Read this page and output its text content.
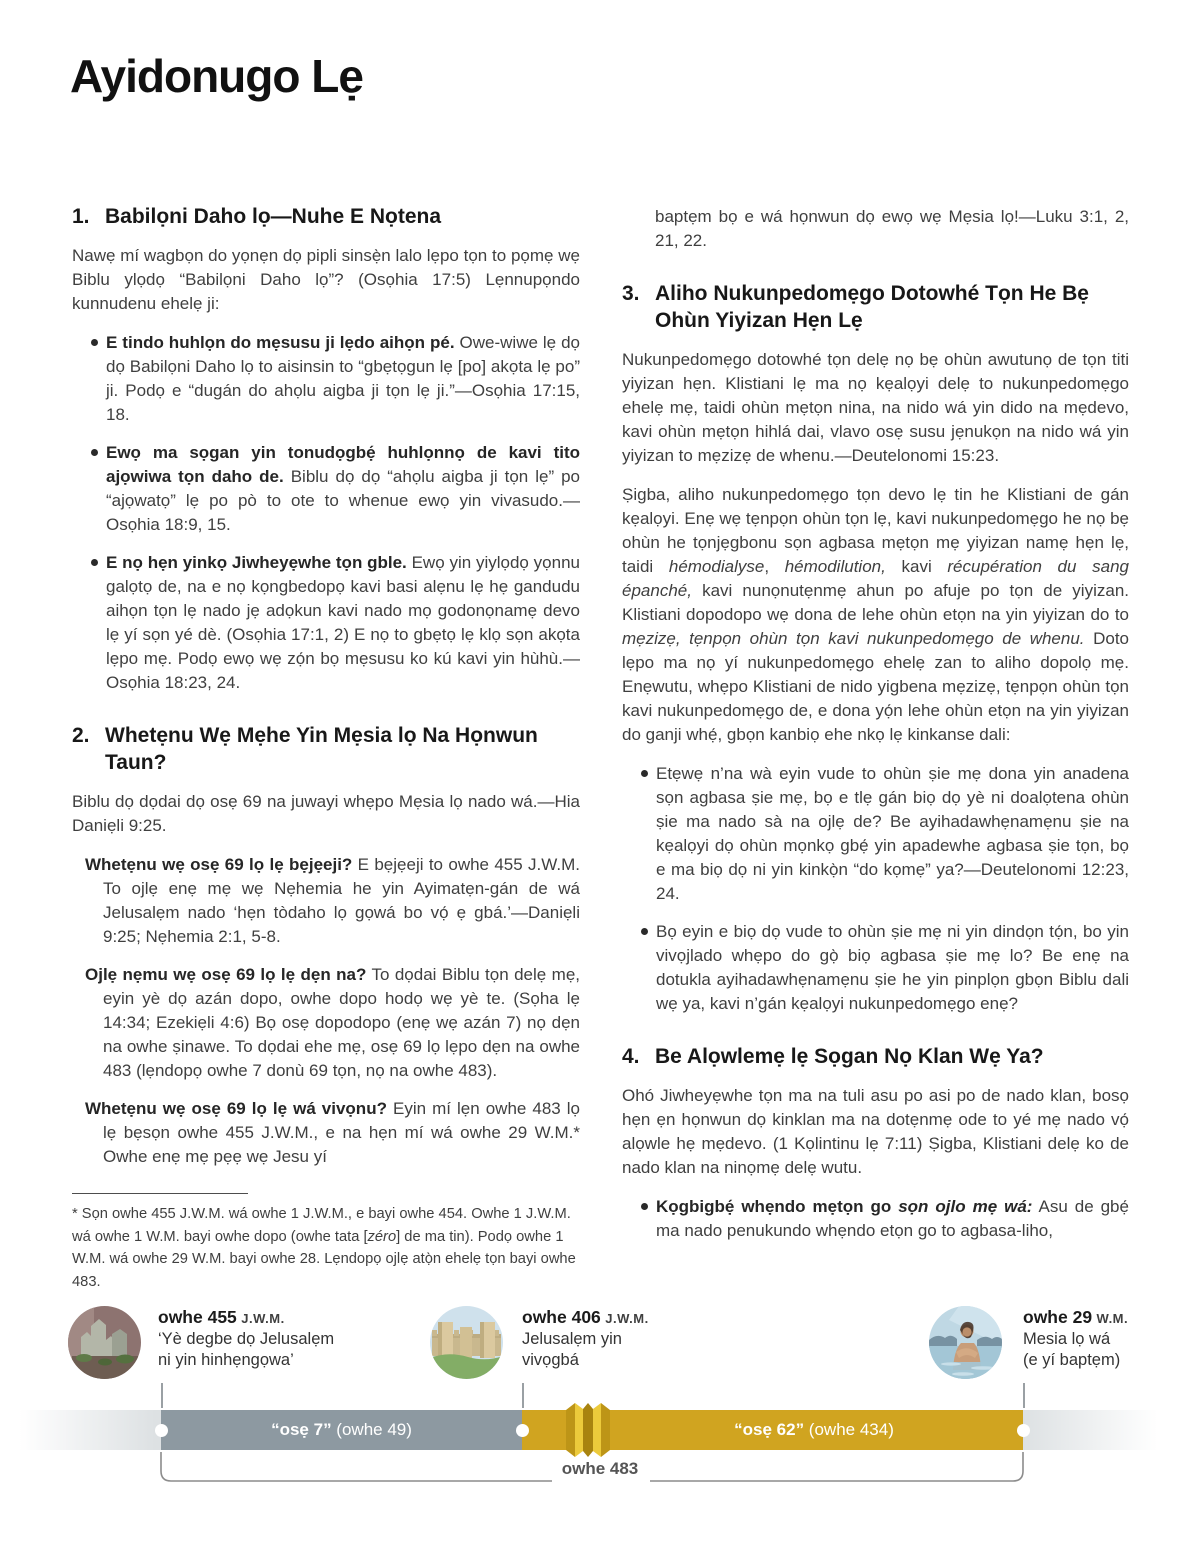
Ayidonugo Lẹ
1. Babilọni Daho lọ—Nuhe E Nọtena
Nawẹ mí wagbọn do yọnẹn dọ pipli sinsẹ̀n lalo lẹpo tọn to pọmẹ wẹ Biblu ylọdọ “Babilọni Daho lọ”? (Osọhia 17:5) Lẹnnupọndo kunnudenu ehelẹ ji:
E tindo huhlọn do mẹsusu ji lẹdo aihọn pé. Owe-wiwe lẹ dọ dọ Babilọni Daho lọ to aisinsin to “gbẹtọgun lẹ [po] akọta lẹ po” ji. Podọ e “dugán do ahọlu aigba ji tọn lẹ ji.”—Osọhia 17:15, 18.
Ewọ ma sọgan yin tonudọgbẹ́ huhlọnnọ de kavi tito ajọwiwa tọn daho de. Biblu dọ dọ “ahọlu aigba ji tọn lẹ” po “ajọwatọ” lẹ po pò to ote to whenue ewọ yin vivasudo.—Osọhia 18:9, 15.
E nọ hẹn yinkọ Jiwheyẹwhe tọn gble. Ewọ yin yiylọdọ yọnnu galọtọ de, na e nọ kọngbedopọ kavi basi alẹnu lẹ hẹ gandudu aihọn tọn lẹ nado jẹ adọkun kavi nado mọ godonọnamẹ devo lẹ yí sọn yé dè. (Osọhia 17:1, 2) E nọ to gbẹtọ lẹ klọ sọn akọta lẹpo mẹ. Podọ ewọ wẹ zọ́n bọ mẹsusu ko kú kavi yin hùhù.—Osọhia 18:23, 24.
2. Whetẹnu Wẹ Mẹhe Yin Mẹsia lọ Na Họnwun Taun?
Biblu dọ dọdai dọ osẹ 69 na juwayi whẹpo Mẹsia lọ nado wá.—Hia Daniẹli 9:25.
Whetẹnu wẹ osẹ 69 lọ lẹ bẹjẹeji? E bẹjẹeji to owhe 455 J.W.M. To ojlẹ enẹ mẹ wẹ Nẹhemia he yin Ayimatẹn-gán de wá Jelusalẹm nado ‘hẹn tòdaho lọ gọwá bo vọ́ ẹ gbá.’—Daniẹli 9:25; Nẹhemia 2:1, 5-8.
Ojlẹ nẹmu wẹ osẹ 69 lọ lẹ dẹn na? To dọdai Biblu tọn delẹ mẹ, eyin yè dọ azán dopo, owhe dopo hodọ wẹ yè te. (Sọha lẹ 14:34; Ezekiẹli 4:6) Bọ osẹ dopodopo (enẹ wẹ azán 7) nọ dẹn na owhe ṣinawe. To dọdai ehe mẹ, osẹ 69 lọ lẹpo dẹn na owhe 483 (lẹndopọ owhe 7 donù 69 tọn, nọ na owhe 483).
Whetẹnu wẹ osẹ 69 lọ lẹ wá vivọnu? Eyin mí lẹn owhe 483 lọ lẹ bẹsọn owhe 455 J.W.M., e na hẹn mí wá owhe 29 W.M.* Owhe enẹ mẹ pẹẹ wẹ Jesu yí
* Sọn owhe 455 J.W.M. wá owhe 1 J.W.M., e bayi owhe 454. Owhe 1 J.W.M. wá owhe 1 W.M. bayi owhe dopo (owhe tata [zéro] de ma tin). Podọ owhe 1 W.M. wá owhe 29 W.M. bayi owhe 28. Lẹndopọ ojlẹ atọ̀n ehelẹ tọn bayi owhe 483.
baptẹm bọ e wá họnwun dọ ewọ wẹ Mẹsia lọ!—Luku 3:1, 2, 21, 22.
3. Aliho Nukunpedomẹgo Dotowhé Tọn He Bẹ Ohùn Yiyizan Hẹn Lẹ
Nukunpedomẹgo dotowhé tọn delẹ nọ bẹ ohùn awutunọ de tọn titi yiyizan hẹn. Klistiani lẹ ma nọ kẹalọyi delẹ to nukunpedomẹgo ehelẹ mẹ, taidi ohùn mẹtọn nina, na nido wá yin dido na mẹdevo, kavi ohùn mẹtọn hihlá dai, vlavo osẹ susu jẹnukọn na nido wá yin yiyizan to mẹzizẹ de whenu.—Deutelonomi 15:23.
Ṣigba, aliho nukunpedomẹgo tọn devo lẹ tin he Klistiani de gán kẹalọyi. Enẹ wẹ tẹnpọn ohùn tọn lẹ, kavi nukunpedomẹgo he nọ bẹ ohùn he tọnjẹgbonu sọn agbasa mẹtọn mẹ yiyizan namẹ hẹn lẹ, taidi hémodialyse, hémodilution, kavi récupération du sang épanché, kavi nunọnutẹnmẹ ahun po afuje po tọn de yiyizan. Klistiani dopodopo wẹ dona de lehe ohùn etọn na yin yiyizan do to mẹzizẹ, tẹnpọn ohùn tọn kavi nukunpedomẹgo de whenu. Doto lẹpo ma nọ yí nukunpedomẹgo ehelẹ zan to aliho dopolọ mẹ. Enẹwutu, whẹpo Klistiani de nido yigbena mẹzizẹ, tẹnpọn ohùn tọn kavi nukunpedomẹgo de, e dona yọ́n lehe ohùn etọn na yin yiyizan do ganji whẹ́, gbọn kanbiọ ehe nkọ lẹ kinkanse dali:
Etẹwẹ n’na wà eyin vude to ohùn ṣie mẹ dona yin anadena sọn agbasa ṣie mẹ, bọ e tlẹ gán biọ dọ yè ni doalọtena ohùn ṣie ma nado sà na ojlẹ de? Be ayihadawhẹnamẹnu ṣie na kẹalọyi dọ ohùn mọnkọ gbẹ́ yin apadewhe agbasa ṣie tọn, bọ e ma biọ dọ ni yin kinkọ̀n “do kọmẹ” ya?—Deutelonomi 12:23, 24.
Bọ eyin e biọ dọ vude to ohùn ṣie mẹ ni yin dindọn tọ́n, bo yin vivọjlado whẹpo do gọ̀ biọ agbasa ṣie mẹ lo? Be enẹ na dotukla ayihadawhẹnamẹnu ṣie he yin pinplọn gbọn Biblu dali wẹ ya, kavi n’gán kẹalọyi nukunpedomẹgo enẹ?
4. Be Alọwlemẹ lẹ Sọgan Nọ Klan Wẹ Ya?
Ohó Jiwheyẹwhe tọn ma na tuli asu po asi po de nado klan, bosọ hẹn ẹn họnwun dọ kinklan ma na dotẹnmẹ ode to yé mẹ nado vọ́ alọwle hẹ mẹdevo. (1 Kọlintinu lẹ 7:11) Ṣigba, Klistiani delẹ ko de nado klan na ninọmẹ delẹ wutu.
Kọgbigbẹ́ whẹndo mẹtọn go sọn ojlo mẹ wá: Asu de gbẹ́ ma nado penukundo whẹndo etọn go to agbasa-liho,
owhe 455 J.W.M.
‘Yè degbe dọ Jelusalẹm
ni yin hinhẹngọwa’
owhe 406 J.W.M.
Jelusalẹm yin
vivọgbá
owhe 29 W.M.
Mesia lọ wá
(e yí baptẹm)
“osẹ 7” (owhe 49)	“osẹ 62” (owhe 434)
owhe 483
